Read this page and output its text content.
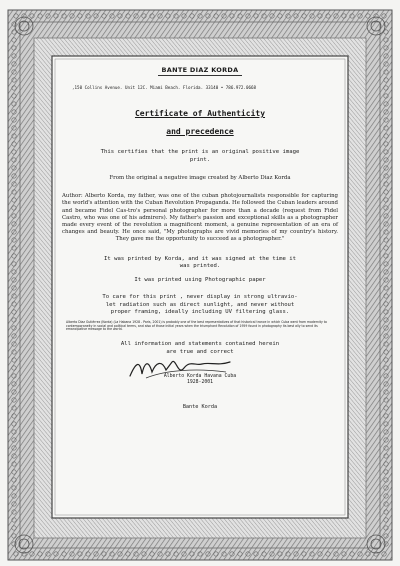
BANTE DIAZ KORDA
,150 Collins Avenue. Unit 12C. Miami Beach. Florida. 33140 • 786.972.0668
Certificate of Authenticity
and precedence
This certifies that the print is an original positive image
print.
From the original a negative image created by Alberto Diaz Korda
Author: Alberto Korda, my father, was one of the cuban photojournalists responsible for capturing the world's attention with the Cuban Revolution Propaganda. He followed the Cuban leaders around and became Fidel Cas-tro's personal photographer for more than a decade (request from Fidel Castro, who was one of his admirers). My father's passion and exceptional skills as a photographer made every event of the revolution a magnificent moment, a genuine representation of an era of changes and beauty. He once said, "My photographs are vivid memories of my country's history. They gave me the opportunity to succeed as a photographer."
It was printed by Korda, and it was signed at the time it
was printed.
It was printed using Photographic paper
To care for this print , never display in strong ultravio-
let radiation such as direct sunlight, and never without
proper framing, ideally including UV filtering glass.
Alberto Diaz Gutiérrez (Korda) (La Habana 1928 - Paris, 2001) is probably one of the best representatives of that historical trance in which Cuba went from modernity to contemporaneity in social and political terms, and also of those initial years when the triumphant Revolution of 1959 found in photography its best ally to send its emancipative message to the world.
All information and statements contained herein
are true and correct
Alberto Korda Havana Cuba
1928-2001
Bante Korda
